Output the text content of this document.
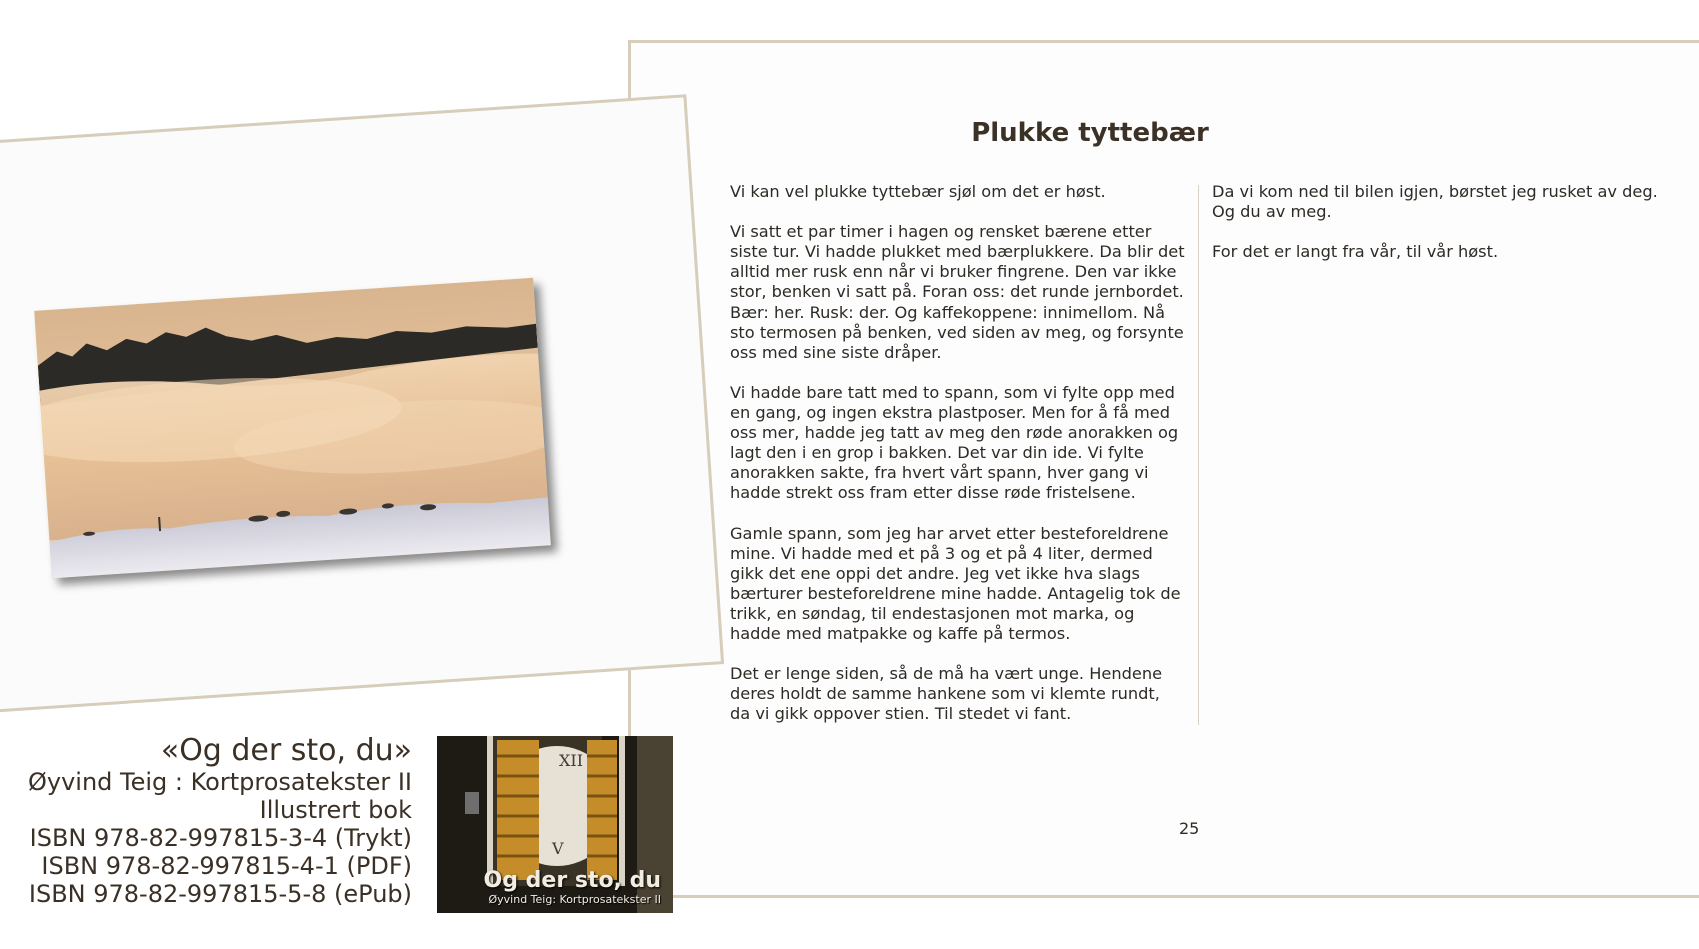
Plukke tyttebær

Vi kan vel plukke tyttebær sjøl om det er høst.

Vi satt et par timer i hagen og rensket bærene etter siste tur. Vi hadde plukket med bærplukkere. Da blir det alltid mer rusk enn når vi bruker fingrene. Den var ikke stor, benken vi satt på. Foran oss: det runde jernbordet. Bær: her. Rusk: der. Og kaffekoppene: innimellom. Nå sto termosen på benken, ved siden av meg, og forsynte oss med sine siste dråper.

Vi hadde bare tatt med to spann, som vi fylte opp med en gang, og ingen ekstra plastposer. Men for å få med oss mer, hadde jeg tatt av meg den røde anorakken og lagt den i en grop i bakken. Det var din ide. Vi fylte anorakken sakte, fra hvert vårt spann, hver gang vi hadde strekt oss fram etter disse røde fristelsene.

Gamle spann, som jeg har arvet etter besteforeldrene mine. Vi hadde med et på 3 og et på 4 liter, dermed gikk det ene oppi det andre. Jeg vet ikke hva slags bærturer besteforeldrene mine hadde. Antagelig tok de trikk, en søndag, til endestasjonen mot marka, og hadde med matpakke og kaffe på termos.

Det er lenge siden, så de må ha vært unge. Hendene deres holdt de samme hankene som vi klemte rundt, da vi gikk oppover stien. Til stedet vi fant.

Da vi kom ned til bilen igjen, børstet jeg rusket av deg. Og du av meg.

For det er langt fra vår, til vår høst.

25
«Og der sto, du»
Øyvind Teig : Kortprosatekster II
Illustrert bok
ISBN 978-82-997815-3-4 (Trykt)
ISBN 978-82-997815-4-1 (PDF)
ISBN 978-82-997815-5-8 (ePub)
XII
V
Og der sto, du
Øyvind Teig: Kortprosatekster II
